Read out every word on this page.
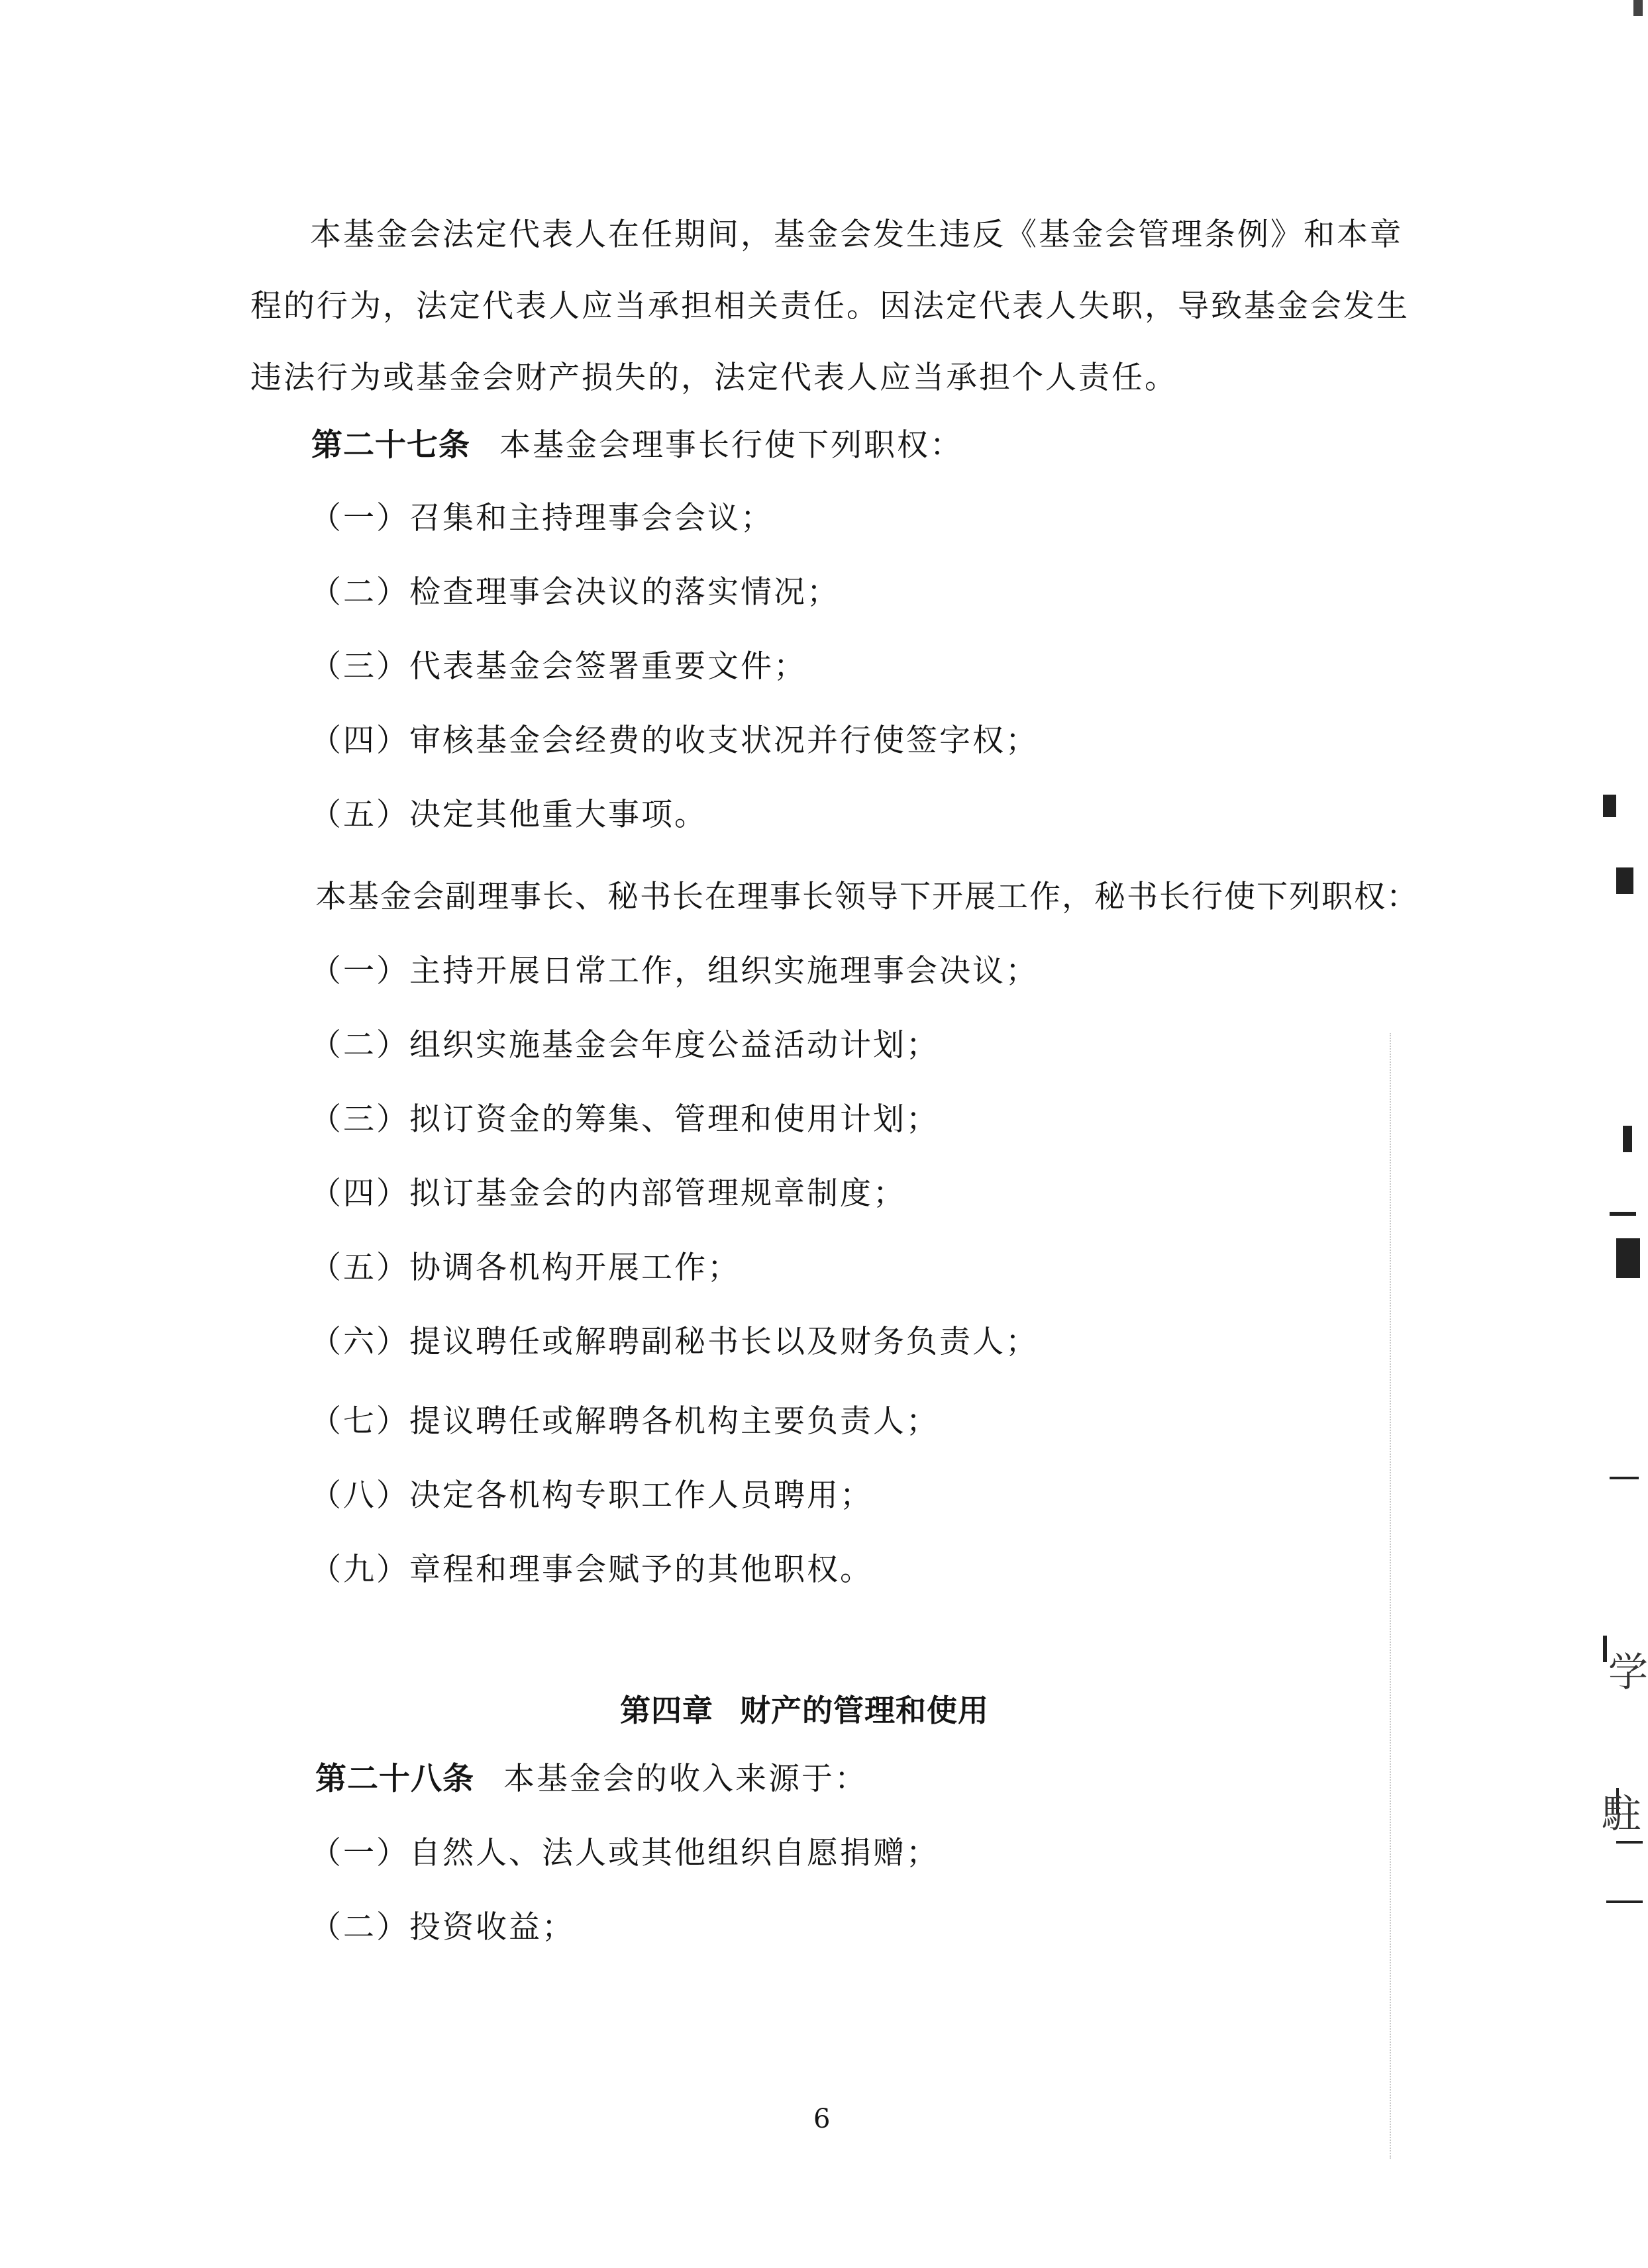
本基金会法定代表人在任期间，基金会发生违反《基金会管理条例》和本章
程的行为，法定代表人应当承担相关责任。因法定代表人失职，导致基金会发生
违法行为或基金会财产损失的，法定代表人应当承担个人责任。
第二十七条 本基金会理事长行使下列职权：
（一）召集和主持理事会会议；
（二）检查理事会决议的落实情况；
（三）代表基金会签署重要文件；
（四）审核基金会经费的收支状况并行使签字权；
（五）决定其他重大事项。
本基金会副理事长、秘书长在理事长领导下开展工作，秘书长行使下列职权：
（一）主持开展日常工作，组织实施理事会决议；
（二）组织实施基金会年度公益活动计划；
（三）拟订资金的筹集、管理和使用计划；
（四）拟订基金会的内部管理规章制度；
（五）协调各机构开展工作；
（六）提议聘任或解聘副秘书长以及财务负责人；
（七）提议聘任或解聘各机构主要负责人；
（八）决定各机构专职工作人员聘用；
（九）章程和理事会赋予的其他职权。
第四章 财产的管理和使用
第二十八条 本基金会的收入来源于：
（一）自然人、法人或其他组织自愿捐赠；
（二）投资收益；
6
学
駐
